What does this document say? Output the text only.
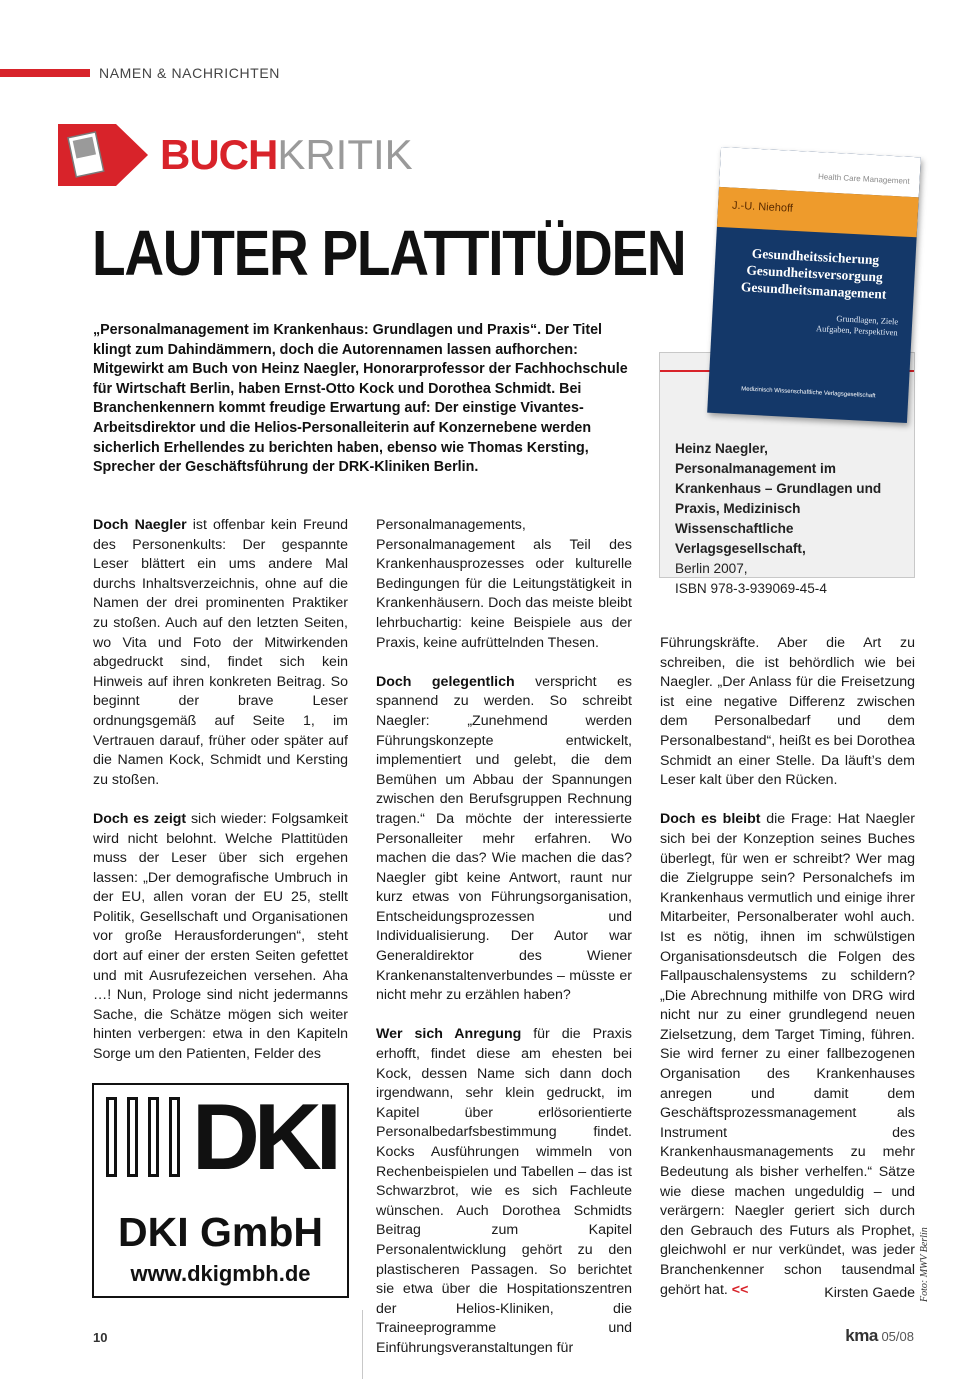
NAMEN & NACHRICHTEN
BUCHKRITIK
LAUTER PLATTITÜDEN

„Personalmanagement im Krankenhaus: Grundlagen und Praxis“. Der Titel klingt zum Dahindämmern, doch die Autorennamen lassen aufhorchen: Mitgewirkt am Buch von Heinz Naegler, Honorarprofessor der Fachhochschule für Wirtschaft Berlin, haben Ernst-Otto Kock und Dorothea Schmidt. Bei Branchenkennern kommt freudige Erwartung auf: Der einstige Vivantes-Arbeitsdirektor und die Helios-Personalleiterin auf Konzernebene werden sicherlich Erhellendes zu berichten haben, ebenso wie Thomas Kersting, Sprecher der Geschäftsführung der DRK-Kliniken Berlin.

Heinz Naegler, Personalmanagement im Krankenhaus – Grundlagen und Praxis, Medizinisch Wissenschaftliche Verlagsgesellschaft,
Berlin 2007,
ISBN 978-3-939069-45-4
Health Care Management
J.-U. Niehoff
Gesundheitssicherung
Gesundheitsversorgung
Gesundheitsmanagement
Grundlagen, Ziele
Aufgaben, Perspektiven
Medizinisch Wissenschaftliche Verlagsgesellschaft

Doch Naegler ist offenbar kein Freund des Personenkults: Der gespannte Leser blättert ein ums andere Mal durchs Inhaltsverzeichnis, ohne auf die Namen der drei prominenten Praktiker zu stoßen. Auch auf den letzten Seiten, wo Vita und Foto der Mitwirkenden abgedruckt sind, findet sich kein Hinweis auf ihren konkreten Beitrag. So beginnt der brave Leser ordnungsgemäß auf Seite 1, im Vertrauen darauf, früher oder später auf die Namen Kock, Schmidt und Kersting zu stoßen.

Doch es zeigt sich wieder: Folgsamkeit wird nicht belohnt. Welche Plattitüden muss der Leser über sich ergehen lassen: „Der demografische Umbruch in der EU, allen voran der EU 25, stellt Politik, Gesellschaft und Organisationen vor große Herausforderungen“, steht dort auf einer der ersten Seiten gefettet und mit Ausrufezeichen versehen. Aha …! Nun, Prologe sind nicht jedermanns Sache, die Schätze mögen sich weiter hinten verbergen: etwa in den Kapiteln Sorge um den Patienten, Felder des

Personalmanagements, Personalmanagement als Teil des Krankenhausprozesses oder kulturelle Bedingungen für die Leitungstätigkeit in Krankenhäusern. Doch das meiste bleibt lehrbuchartig: keine Beispiele aus der Praxis, keine aufrüttelnden Thesen.

Doch gelegentlich verspricht es spannend zu werden. So schreibt Naegler: „Zunehmend werden Führungskonzepte entwickelt, implementiert und gelebt, die dem Bemühen um Abbau der Spannungen zwischen den Berufsgruppen Rechnung tragen.“ Da möchte der interessierte Personalleiter mehr erfahren. Wo machen die das? Wie machen die das? Naegler gibt keine Antwort, raunt nur kurz etwas von Führungsorganisation, Entscheidungsprozessen und Individualisierung. Der Autor war Generaldirektor des Wiener Krankenanstaltenverbundes – müsste er nicht mehr zu erzählen haben?

Wer sich Anregung für die Praxis erhofft, findet diese am ehesten bei Kock, dessen Name sich dann doch irgendwann, sehr klein gedruckt, im Kapitel über erlösorientierte Personalbedarfsbestimmung findet. Kocks Ausführungen wimmeln von Rechenbeispielen und Tabellen – das ist Schwarzbrot, wie es sich Fachleute wünschen. Auch Dorothea Schmidts Beitrag zum Kapitel Personalentwicklung gehört zu den plastischeren Passagen. So berichtet sie etwa über die Hospitationszentren der Helios-Kliniken, die Traineeprogramme und Einführungsveranstaltungen für

Führungskräfte. Aber die Art zu schreiben, die ist behördlich wie bei Naegler. „Der Anlass für die Freisetzung ist eine negative Differenz zwischen dem Personalbedarf und dem Personalbestand“, heißt es bei Dorothea Schmidt an einer Stelle. Da läuft’s dem Leser kalt über den Rücken.

Doch es bleibt die Frage: Hat Naegler sich bei der Konzeption seines Buches überlegt, für wen er schreibt? Wer mag die Zielgruppe sein? Personalchefs im Krankenhaus vermutlich und einige ihrer Mitarbeiter, Personalberater wohl auch. Ist es nötig, ihnen im schwülstigen Organisationsdeutsch die Folgen des Fallpauschalensystems zu schildern? „Die Abrechnung mithilfe von DRG wird nicht nur zu einer grundlegend neuen Zielsetzung, dem Target Timing, führen. Sie wird ferner zu einer fallbezogenen Organisation des Krankenhauses anregen und damit dem Geschäftsprozessmanagement als Instrument des Krankenhausmanagements zu mehr Bedeutung als bisher verhelfen.“ Sätze wie diese machen ungeduldig – und verärgern: Naegler geriert sich durch den Gebrauch des Futurs als Prophet, gleichwohl er nur verkündet, was jeder Branchenkenner schon tausendmal gehört hat. <<	Kirsten Gaede Foto: MWV Berlin
DKI
DKI GmbH
www.dkigmbh.de
10	kma 05/08
